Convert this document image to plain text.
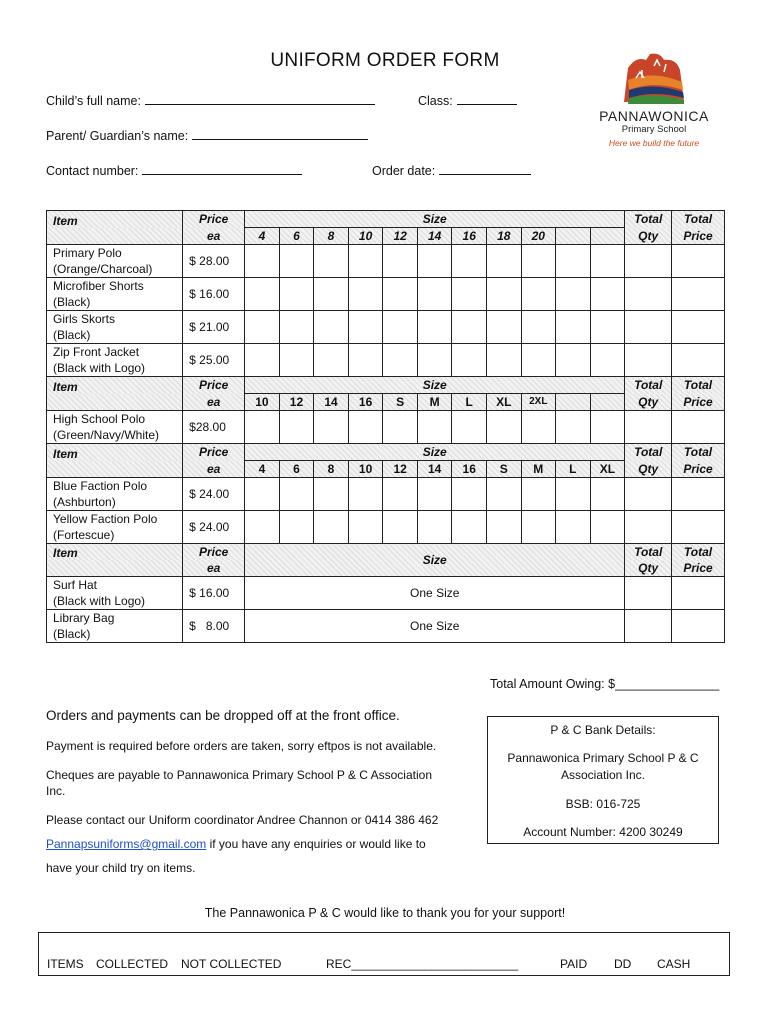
UNIFORM ORDER FORM
Child’s full name:	Class:
Parent/ Guardian’s name:
Contact number:	Order date:
PANNAWONICA
Primary School
Here we build the future
Item	Price	Size											Total	Total
	ea	4	6	8	10	12	14	16	18	20			Qty	Price
Primary Polo
(Orange/Charcoal)	$ 28.00													
Microfiber Shorts
(Black)	$ 16.00													
Girls Skorts
(Black)	$ 21.00													
Zip Front Jacket
(Black with Logo)	$ 25.00													
Item	Price	Size											Total	Total
	ea	10	12	14	16	S	M	L	XL	2XL			Qty	Price
High School Polo
(Green/Navy/White)	$28.00													
Item	Price	Size											Total	Total
	ea	4	6	8	10	12	14	16	S	M	L	XL	Qty	Price
Blue Faction Polo
(Ashburton)	$ 24.00													
Yellow Faction Polo
(Fortescue)	$ 24.00													
Item	Price	Size											Total	Total
	ea												Qty	Price
Surf Hat
(Black with Logo)	$ 16.00	One Size												
Library Bag
(Black)	$   8.00	One Size												
Total Amount Owing: $_______________
Orders and payments can be dropped off at the front office.
Payment is required before orders are taken, sorry eftpos is not available.
Cheques are payable to Pannawonica Primary School P & C Association
Inc.
Please contact our Uniform coordinator Andree Channon or 0414 386 462
Pannapsuniforms@gmail.com if you have any enquiries or would like to
have your child try on items.
P & C Bank Details:
Pannawonica Primary School P & C
Association Inc.
BSB: 016-725
Account Number: 4200 30249
The Pannawonica P & C would like to thank you for your support!
ITEMS COLLECTED NOT COLLECTED	REC_________________________	PAID DD CASH
